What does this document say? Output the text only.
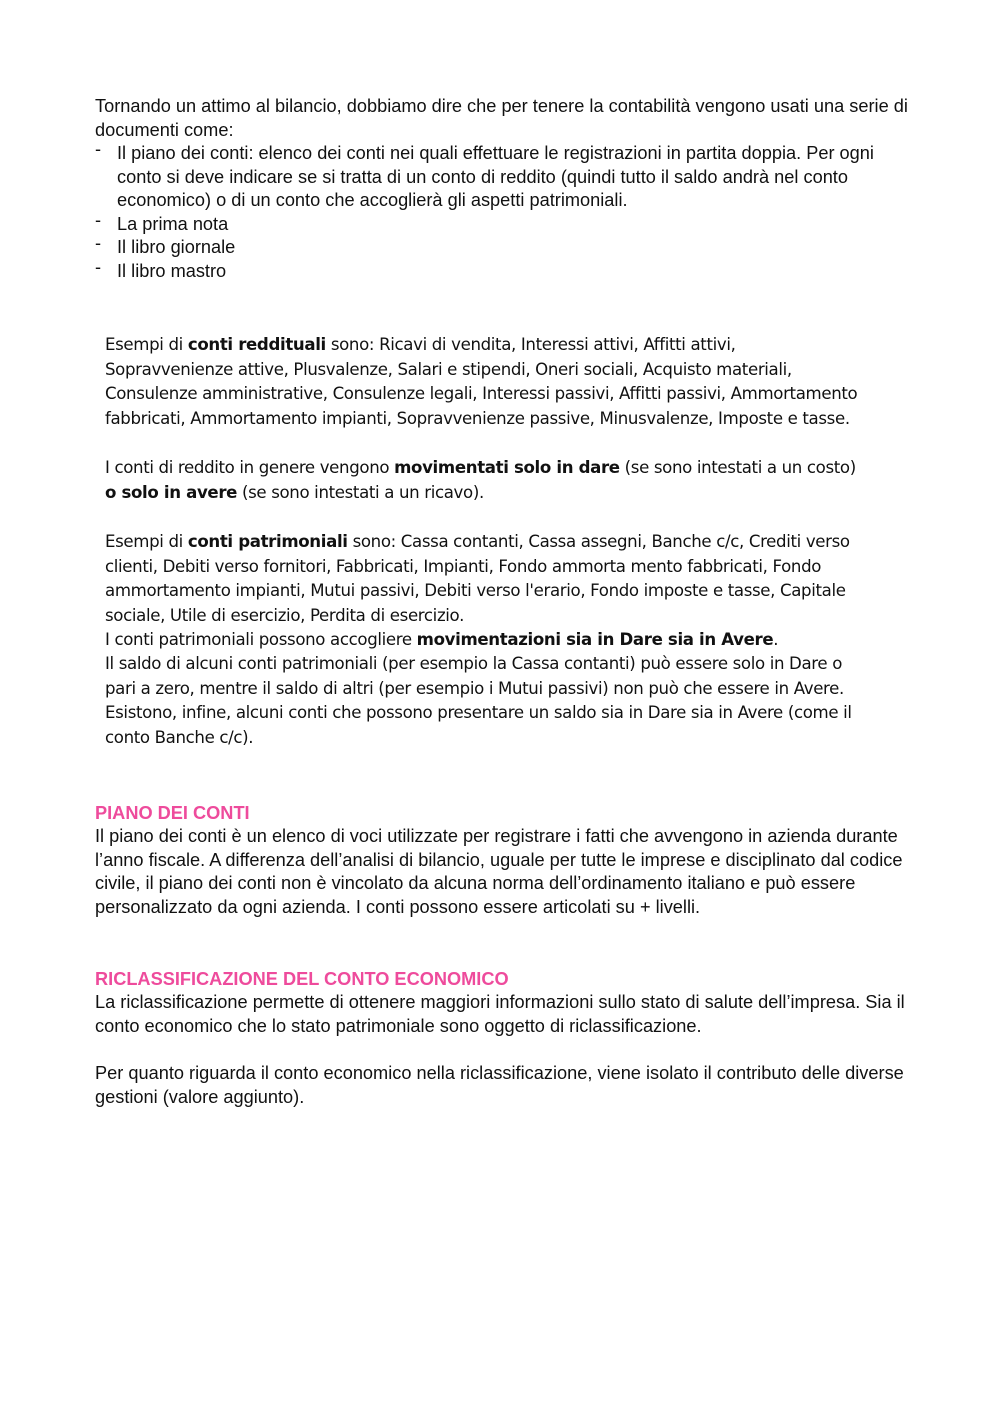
Tornando un attimo al bilancio, dobbiamo dire che per tenere la contabilità vengono usati una serie di documenti come:

- Il piano dei conti: elenco dei conti nei quali effettuare le registrazioni in partita doppia. Per ogni conto si deve indicare se si tratta di un conto di reddito (quindi tutto il saldo andrà nel conto economico) o di un conto che accoglierà gli aspetti patrimoniali.
- La prima nota
- Il libro giornale
- Il libro mastro

Esempi di conti reddituali sono: Ricavi di vendita, Interessi attivi, Affitti attivi, Sopravvenienze attive, Plusvalenze, Salari e stipendi, Oneri sociali, Acquisto materiali, Consulenze amministrative, Consulenze legali, Interessi passivi, Affitti passivi, Ammortamento fabbricati, Ammortamento impianti, Sopravvenienze passive, Minusvalenze, Imposte e tasse.

I conti di reddito in genere vengono movimentati solo in dare (se sono intestati a un costo) o solo in avere (se sono intestati a un ricavo).

Esempi di conti patrimoniali sono: Cassa contanti, Cassa assegni, Banche c/c, Crediti verso clienti, Debiti verso fornitori, Fabbricati, Impianti, Fondo ammorta mento fabbricati, Fondo ammortamento impianti, Mutui passivi, Debiti verso l'erario, Fondo imposte e tasse, Capitale sociale, Utile di esercizio, Perdita di esercizio.

I conti patrimoniali possono accogliere movimentazioni sia in Dare sia in Avere.

Il saldo di alcuni conti patrimoniali (per esempio la Cassa contanti) può essere solo in Dare o pari a zero, mentre il saldo di altri (per esempio i Mutui passivi) non può che essere in Avere. Esistono, infine, alcuni conti che possono presentare un saldo sia in Dare sia in Avere (come il conto Banche c/c).

PIANO DEI CONTI

Il piano dei conti è un elenco di voci utilizzate per registrare i fatti che avvengono in azienda durante l’anno fiscale. A differenza dell’analisi di bilancio, uguale per tutte le imprese e disciplinato dal codice civile, il piano dei conti non è vincolato da alcuna norma dell’ordinamento italiano e può essere personalizzato da ogni azienda. I conti possono essere articolati su + livelli.

RICLASSIFICAZIONE DEL CONTO ECONOMICO

La riclassificazione permette di ottenere maggiori informazioni sullo stato di salute dell’impresa. Sia il conto economico che lo stato patrimoniale sono oggetto di riclassificazione.

Per quanto riguarda il conto economico nella riclassificazione, viene isolato il contributo delle diverse gestioni (valore aggiunto).
